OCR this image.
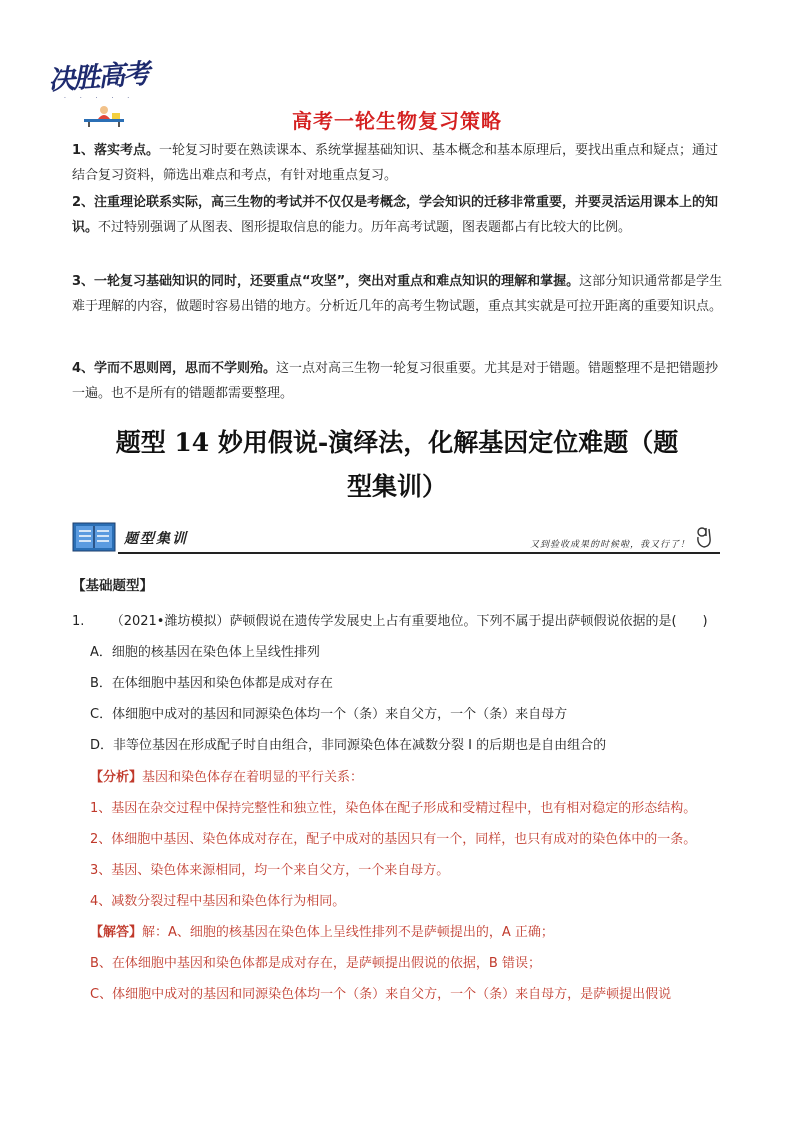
决胜高考
· · · · ·
高考一轮生物复习策略

1、落实考点。一轮复习时要在熟读课本、系统掌握基础知识、基本概念和基本原理后，要找出重点和疑点；通过结合复习资料，筛选出难点和考点，有针对地重点复习。

2、注重理论联系实际，高三生物的考试并不仅仅是考概念，学会知识的迁移非常重要，并要灵活运用课本上的知识。不过特别强调了从图表、图形提取信息的能力。历年高考试题，图表题都占有比较大的比例。

3、一轮复习基础知识的同时，还要重点“攻坚”，突出对重点和难点知识的理解和掌握。这部分知识通常都是学生难于理解的内容，做题时容易出错的地方。分析近几年的高考生物试题，重点其实就是可拉开距离的重要知识点。

4、学而不思则罔，思而不学则殆。这一点对高三生物一轮复习很重要。尤其是对于错题。错题整理不是把错题抄一遍。也不是所有的错题都需要整理。

题型 14 妙用假说-演绎法，化解基因定位难题（题
型集训）
题型集训	又到验收成果的时候啦，我又行了！
【基础题型】
1. （2021•潍坊模拟）萨顿假说在遗传学发展史上占有重要地位。下列不属于提出萨顿假说依据的是(　　)
A．细胞的核基因在染色体上呈线性排列
B．在体细胞中基因和染色体都是成对存在
C．体细胞中成对的基因和同源染色体均一个（条）来自父方，一个（条）来自母方
D．非等位基因在形成配子时自由组合，非同源染色体在减数分裂 I 的后期也是自由组合的
【分析】基因和染色体存在着明显的平行关系：
1、基因在杂交过程中保持完整性和独立性，染色体在配子形成和受精过程中，也有相对稳定的形态结构。
2、体细胞中基因、染色体成对存在，配子中成对的基因只有一个，同样，也只有成对的染色体中的一条。
3、基因、染色体来源相同，均一个来自父方，一个来自母方。
4、减数分裂过程中基因和染色体行为相同。
【解答】解：A、细胞的核基因在染色体上呈线性排列不是萨顿提出的，A 正确；
B、在体细胞中基因和染色体都是成对存在，是萨顿提出假说的依据，B 错误；
C、体细胞中成对的基因和同源染色体均一个（条）来自父方，一个（条）来自母方，是萨顿提出假说
